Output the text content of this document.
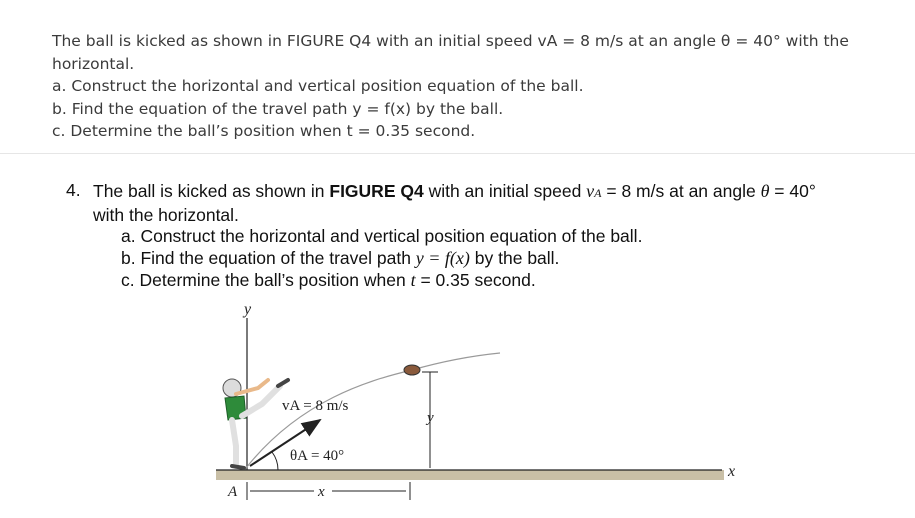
The ball is kicked as shown in FIGURE Q4 with an initial speed vA = 8 m/s at an angle θ = 40° with the

horizontal.

a. Construct the horizontal and vertical position equation of the ball.

b. Find the equation of the travel path y = f(x) by the ball.

c. Determine the ball’s position when t = 0.35 second.

4. The ball is kicked as shown in FIGURE Q4 with an initial speed vA = 8 m/s at an angle θ = 40°
with the horizontal.
a. Construct the horizontal and vertical position equation of the ball.
b. Find the equation of the travel path y = f(x) by the ball.
c. Determine the ball’s position when t = 0.35 second.
y
x
vA = 8 m/s
θA = 40°
y
x
A
